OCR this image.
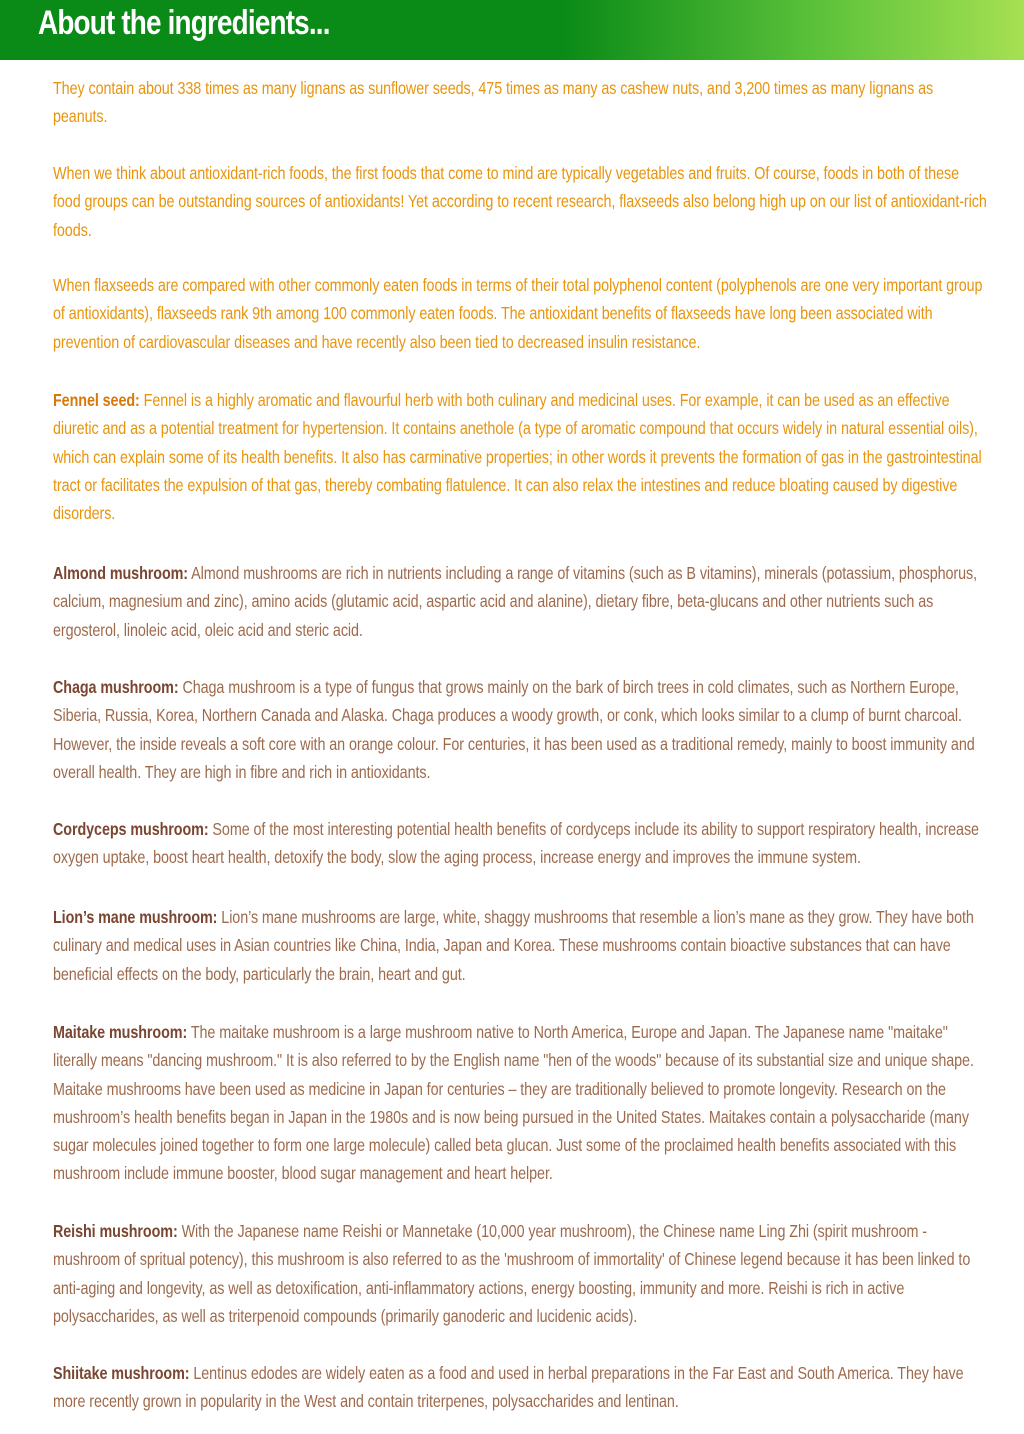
About the ingredients...

They contain about 338 times as many lignans as sunflower seeds, 475 times as many as cashew nuts, and 3,200 times as many lignans as peanuts.

When we think about antioxidant-rich foods, the first foods that come to mind are typically vegetables and fruits. Of course, foods in both of these food groups can be outstanding sources of antioxidants! Yet according to recent research, flaxseeds also belong high up on our list of antioxidant-rich foods.

When flaxseeds are compared with other commonly eaten foods in terms of their total polyphenol content (polyphenols are one very important group of antioxidants), flaxseeds rank 9th among 100 commonly eaten foods. The antioxidant benefits of flaxseeds have long been associated with prevention of cardiovascular diseases and have recently also been tied to decreased insulin resistance.

Fennel seed: Fennel is a highly aromatic and flavourful herb with both culinary and medicinal uses. For example, it can be used as an effective diuretic and as a potential treatment for hypertension. It contains anethole (a type of aromatic compound that occurs widely in natural essential oils), which can explain some of its health benefits. It also has carminative properties; in other words it prevents the formation of gas in the gastrointestinal tract or facilitates the expulsion of that gas, thereby combating flatulence. It can also relax the intestines and reduce bloating caused by digestive disorders.

Almond mushroom: Almond mushrooms are rich in nutrients including a range of vitamins (such as B vitamins), minerals (potassium, phosphorus, calcium, magnesium and zinc), amino acids (glutamic acid, aspartic acid and alanine), dietary fibre, beta-glucans and other nutrients such as ergosterol, linoleic acid, oleic acid and steric acid.

Chaga mushroom: Chaga mushroom is a type of fungus that grows mainly on the bark of birch trees in cold climates, such as Northern Europe, Siberia, Russia, Korea, Northern Canada and Alaska. Chaga produces a woody growth, or conk, which looks similar to a clump of burnt charcoal. However, the inside reveals a soft core with an orange colour. For centuries, it has been used as a traditional remedy, mainly to boost immunity and overall health. They are high in fibre and rich in antioxidants.

Cordyceps mushroom: Some of the most interesting potential health benefits of cordyceps include its ability to support respiratory health, increase oxygen uptake, boost heart health, detoxify the body, slow the aging process, increase energy and improves the immune system.

Lion’s mane mushroom: Lion’s mane mushrooms are large, white, shaggy mushrooms that resemble a lion’s mane as they grow. They have both culinary and medical uses in Asian countries like China, India, Japan and Korea. These mushrooms contain bioactive substances that can have beneficial effects on the body, particularly the brain, heart and gut.

Maitake mushroom: The maitake mushroom is a large mushroom native to North America, Europe and Japan. The Japanese name "maitake" literally means "dancing mushroom." It is also referred to by the English name "hen of the woods" because of its substantial size and unique shape. Maitake mushrooms have been used as medicine in Japan for centuries – they are traditionally believed to promote longevity. Research on the mushroom’s health benefits began in Japan in the 1980s and is now being pursued in the United States. Maitakes contain a polysaccharide (many sugar molecules joined together to form one large molecule) called beta glucan. Just some of the proclaimed health benefits associated with this mushroom include immune booster, blood sugar management and heart helper.

Reishi mushroom: With the Japanese name Reishi or Mannetake (10,000 year mushroom), the Chinese name Ling Zhi (spirit mushroom - mushroom of spritual potency), this mushroom is also referred to as the 'mushroom of immortality' of Chinese legend because it has been linked to anti-aging and longevity, as well as detoxification, anti-inflammatory actions, energy boosting, immunity and more. Reishi is rich in active polysaccharides, as well as triterpenoid compounds (primarily ganoderic and lucidenic acids).

Shiitake mushroom: Lentinus edodes are widely eaten as a food and used in herbal preparations in the Far East and South America. They have more recently grown in popularity in the West and contain triterpenes, polysaccharides and lentinan.
